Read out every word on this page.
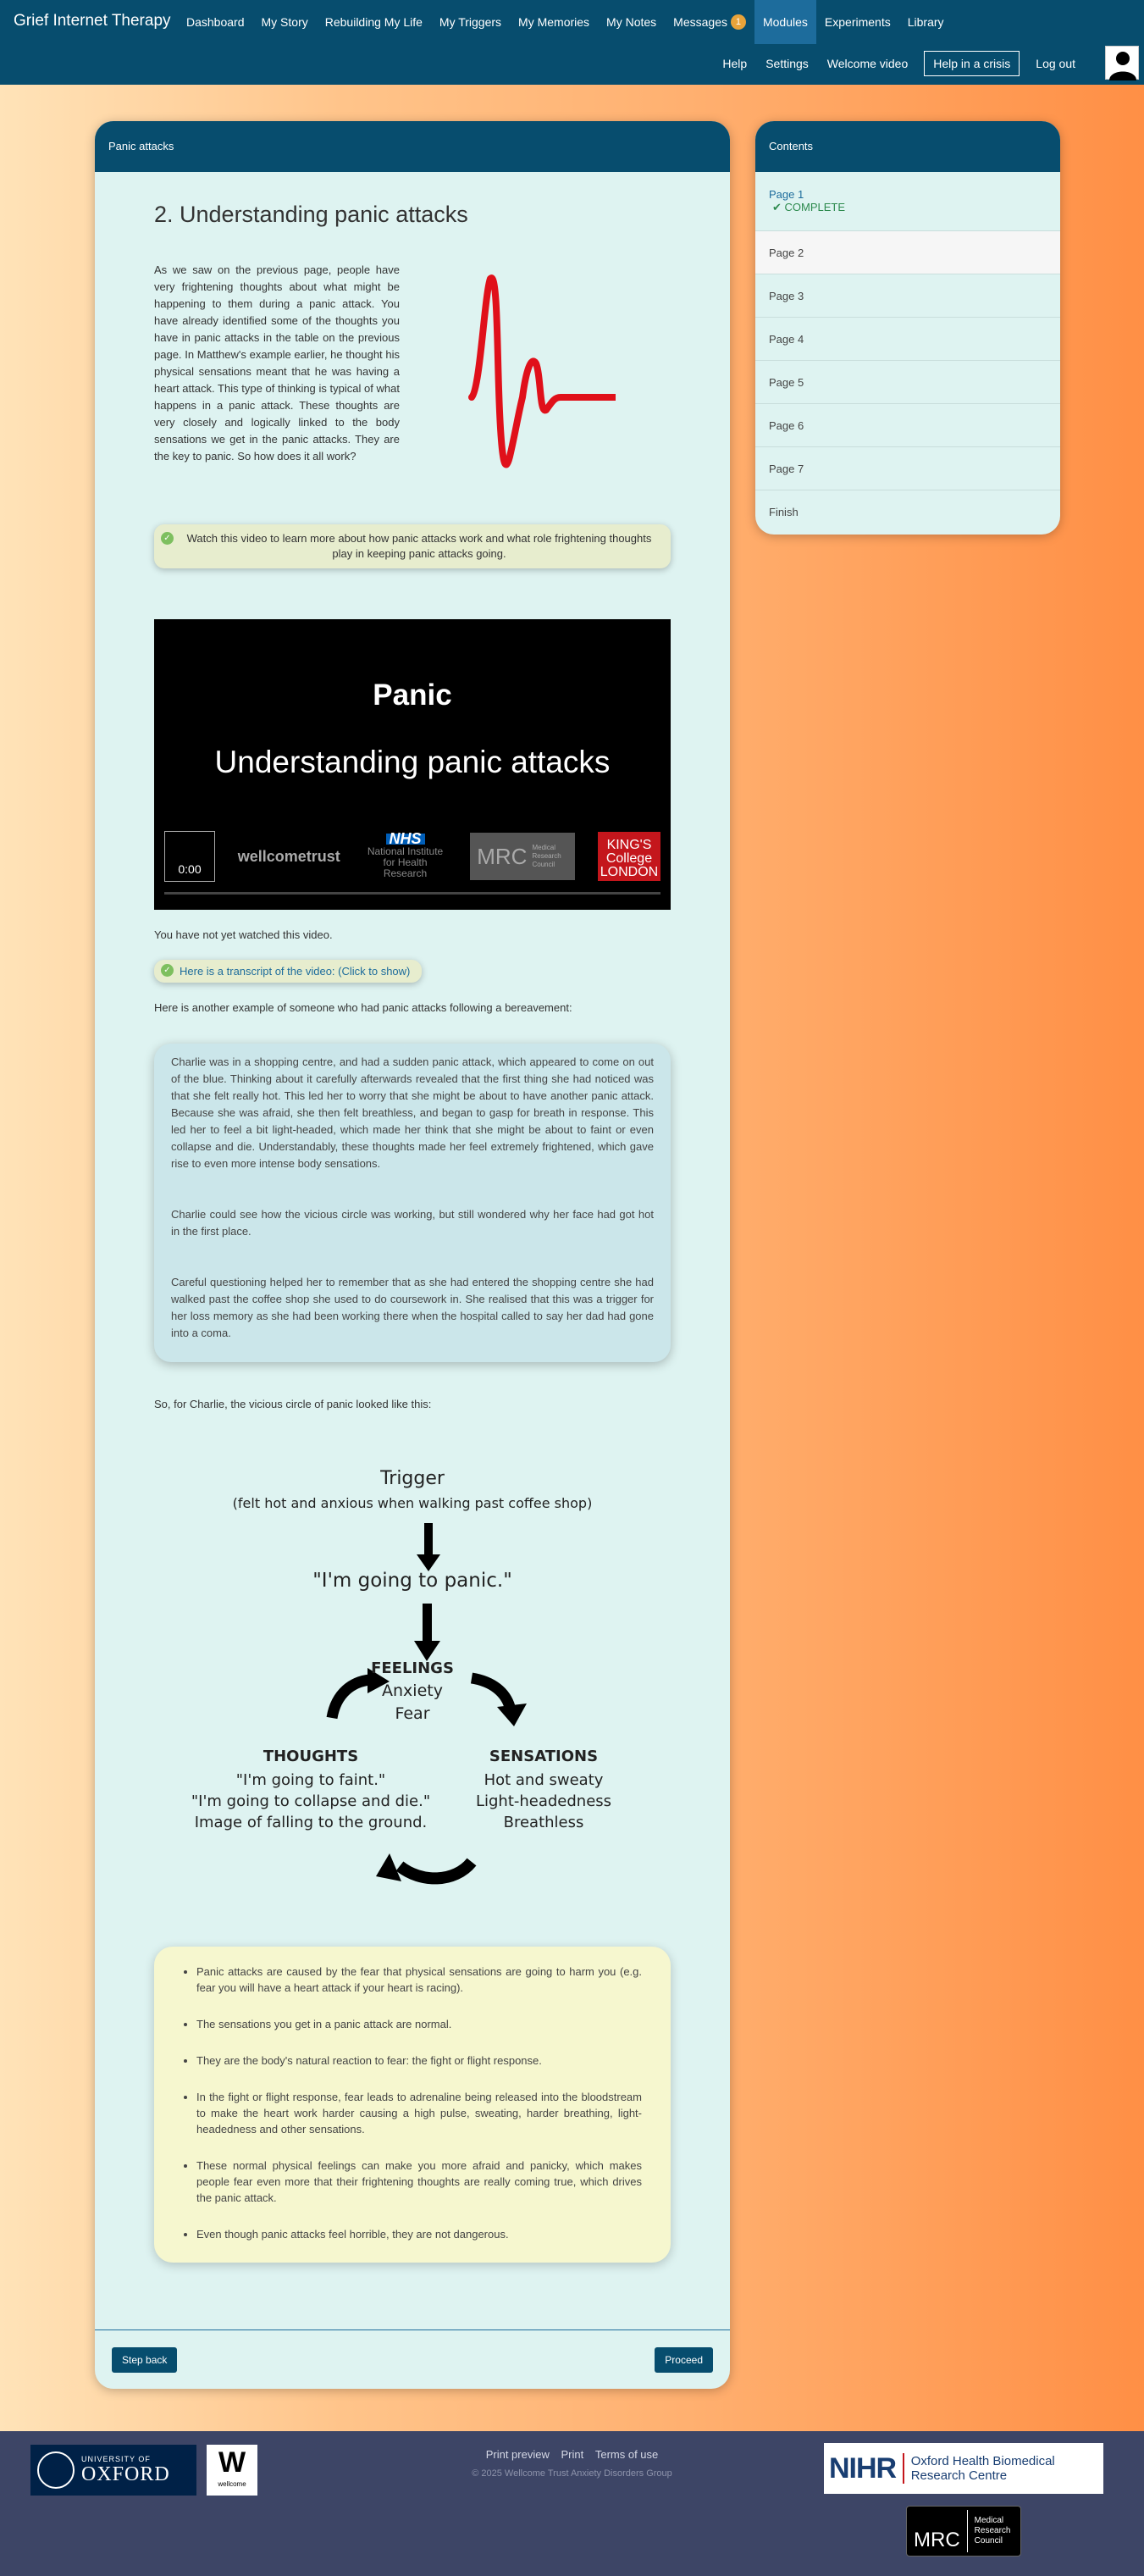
Grief Internet Therapy	Dashboard	My Story	Rebuilding My Life	My Triggers	My Memories	My Notes	Messages 1	Modules	Experiments	Library
Help	Settings	Welcome video	Help in a crisis	Log out
Panic attacks
2. Understanding panic attacks

As we saw on the previous page, people have very frightening thoughts about what might be happening to them during a panic attack. You have already identified some of the thoughts you have in panic attacks in the table on the previous page. In Matthew's example earlier, he thought his physical sensations meant that he was having a heart attack. This type of thinking is typical of what happens in a panic attack. These thoughts are very closely and logically linked to the body sensations we get in the panic attacks. They are the key to panic. So how does it all work?

✓ Watch this video to learn more about how panic attacks work and what role frightening thoughts play in keeping panic attacks going.
Panic
Understanding panic attacks
0:00
wellcometrust
NHS
National Institute for Health Research
MRC Medical Research Council
KING'S College LONDON

You have not yet watched this video.

✓ Here is a transcript of the video: (Click to show)

Here is another example of someone who had panic attacks following a bereavement:

Charlie was in a shopping centre, and had a sudden panic attack, which appeared to come on out of the blue. Thinking about it carefully afterwards revealed that the first thing she had noticed was that she felt really hot. This led her to worry that she might be about to have another panic attack. Because she was afraid, she then felt breathless, and began to gasp for breath in response. This led her to feel a bit light-headed, which made her think that she might be about to faint or even collapse and die. Understandably, these thoughts made her feel extremely frightened, which gave rise to even more intense body sensations.

Charlie could see how the vicious circle was working, but still wondered why her face had got hot in the first place.

Careful questioning helped her to remember that as she had entered the shopping centre she had walked past the coffee shop she used to do coursework in. She realised that this was a trigger for her loss memory as she had been working there when the hospital called to say her dad had gone into a coma.

So, for Charlie, the vicious circle of panic looked like this:

Trigger
(felt hot and anxious when walking past coffee shop)
"I'm going to panic."
FEELINGS
Anxiety
Fear
THOUGHTS
"I'm going to faint."
"I'm going to collapse and die."
Image of falling to the ground.
SENSATIONS
Hot and sweaty
Light-headedness
Breathless
• Panic attacks are caused by the fear that physical sensations are going to harm you (e.g. fear you will have a heart attack if your heart is racing).
• The sensations you get in a panic attack are normal.
• They are the body's natural reaction to fear: the fight or flight response.
• In the fight or flight response, fear leads to adrenaline being released into the bloodstream to make the heart work harder causing a high pulse, sweating, harder breathing, light-headedness and other sensations.
• These normal physical feelings can make you more afraid and panicky, which makes people fear even more that their frightening thoughts are really coming true, which drives the panic attack.
• Even though panic attacks feel horrible, they are not dangerous.
Step back	Proceed
Contents
Page 1
✔ COMPLETE
Page 2
Page 3
Page 4
Page 5
Page 6
Page 7
Finish
UNIVERSITY OF
OXFORD	W
wellcome
Print preview Print Terms of use
© 2025 Wellcome Trust Anxiety Disorders Group	NIHR Oxford Health Biomedical Research Centre
MRC
Medical Research Council
